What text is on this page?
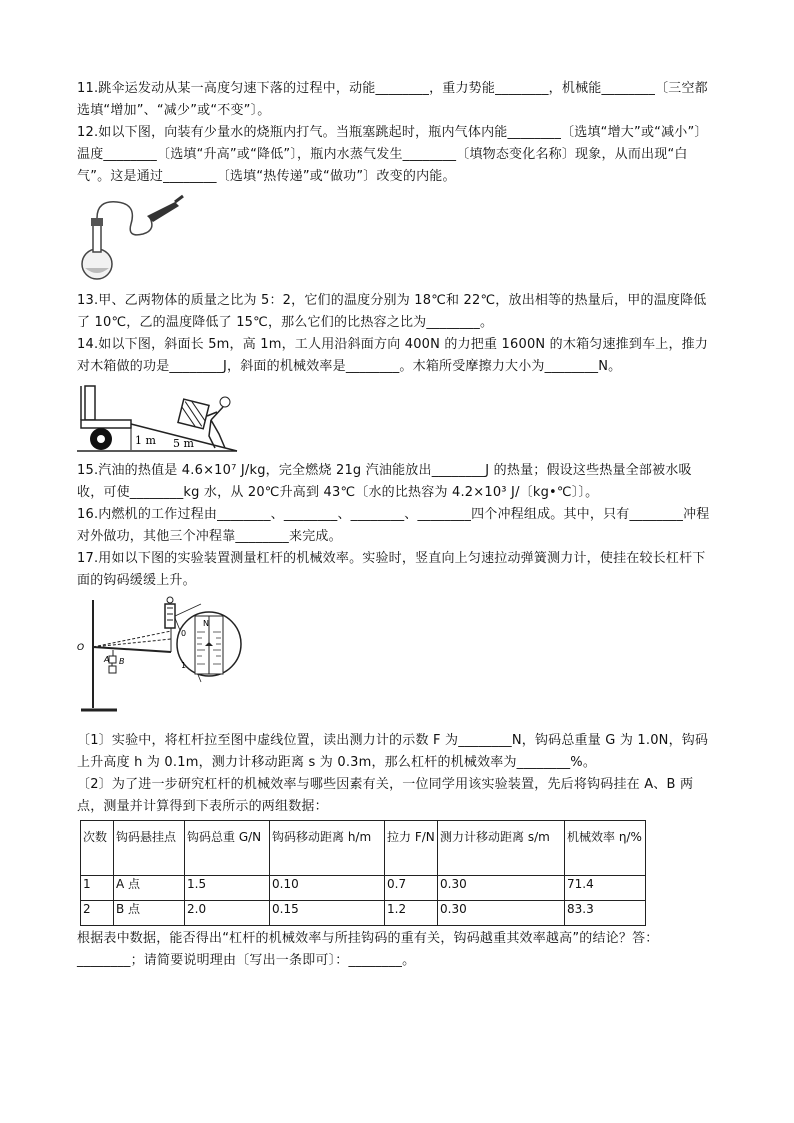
11.跳伞运发动从某一高度匀速下落的过程中，动能________，重力势能________，机械能________〔三空都选填“增加”、“减少”或“不变”〕。

12.如以下图，向装有少量水的烧瓶内打气。当瓶塞跳起时，瓶内气体内能________〔选填“增大”或“减小”〕温度________〔选填“升高”或“降低”〕，瓶内水蒸气发生________〔填物态变化名称〕现象，从而出现“白气”。这是通过________〔选填“热传递”或“做功”〕改变的内能。

13.甲、乙两物体的质量之比为 5：2，它们的温度分别为 18℃和 22℃，放出相等的热量后，甲的温度降低了 10℃，乙的温度降低了 15℃，那么它们的比热容之比为________。

14.如以下图，斜面长 5m，高 1m，工人用沿斜面方向 400N 的力把重 1600N 的木箱匀速推到车上，推力对木箱做的功是________J，斜面的机械效率是________。木箱所受摩擦力大小为________N。

1 m 5 m

15.汽油的热值是 4.6×10⁷ J/kg，完全燃烧 21g 汽油能放出________J 的热量；假设这些热量全部被水吸收，可使________kg 水，从 20℃升高到 43℃〔水的比热容为 4.2×10³ J/〔kg•℃〕〕。

16.内燃机的工作过程由________、________、________、________四个冲程组成。其中，只有________冲程对外做功，其他三个冲程靠________来完成。

17.用如以下图的实验装置测量杠杆的机械效率。实验时，竖直向上匀速拉动弹簧测力计，使挂在较长杠杆下面的钩码缓缓上升。

O
A B
N
0
1

〔1〕实验中，将杠杆拉至图中虚线位置，读出测力计的示数 F 为________N，钩码总重量 G 为 1.0N，钩码上升高度 h 为 0.1m，测力计移动距离 s 为 0.3m，那么杠杆的机械效率为________%。

〔2〕为了进一步研究杠杆的机械效率与哪些因素有关，一位同学用该实验装置，先后将钩码挂在 A、B 两点，测量并计算得到下表所示的两组数据：

次数	钩码悬挂点	钩码总重 G/N	钩码移动距离 h/m	拉力 F/N	测力计移动距离 s/m	机械效率 η/%
1	A 点	1.5	0.10	0.7	0.30	71.4
2	B 点	2.0	0.15	1.2	0.30	83.3

根据表中数据，能否得出“杠杆的机械效率与所挂钩码的重有关，钩码越重其效率越高”的结论？答：________；请简要说明理由〔写出一条即可〕：________。
